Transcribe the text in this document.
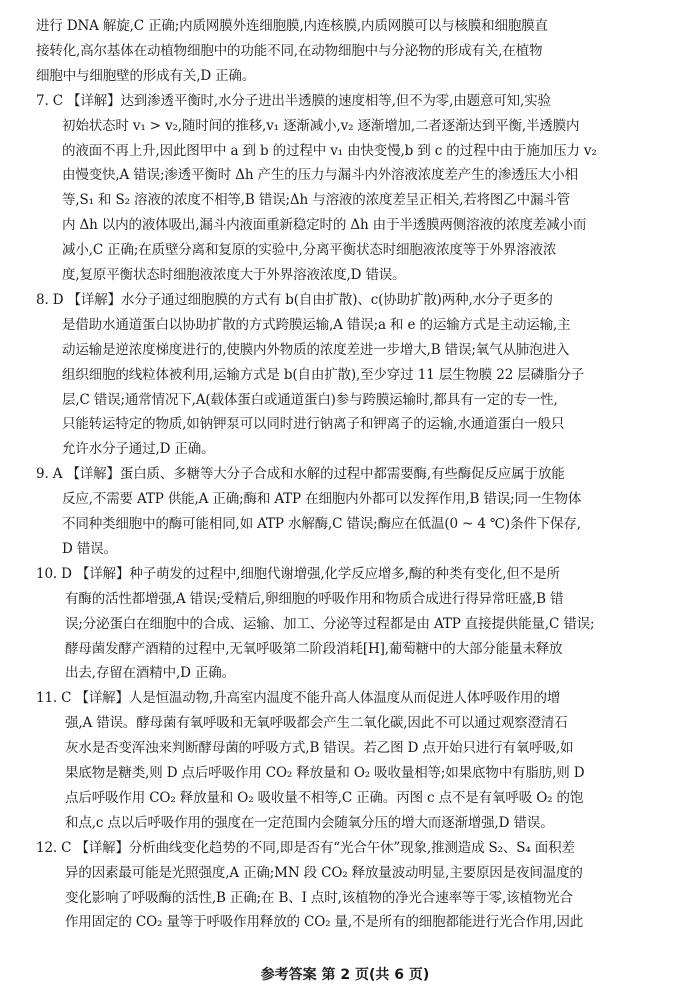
进行 DNA 解旋,C 正确;内质网膜外连细胞膜,内连核膜,内质网膜可以与核膜和细胞膜直
接转化,高尔基体在动植物细胞中的功能不同,在动物细胞中与分泌物的形成有关,在植物
细胞中与细胞壁的形成有关,D 正确。
7. C 【详解】达到渗透平衡时,水分子进出半透膜的速度相等,但不为零,由题意可知,实验
初始状态时 v₁ > v₂,随时间的推移,v₁ 逐渐减小,v₂ 逐渐增加,二者逐渐达到平衡,半透膜内
的液面不再上升,因此图甲中 a 到 b 的过程中 v₁ 由快变慢,b 到 c 的过程中由于施加压力 v₂
由慢变快,A 错误;渗透平衡时 Δh 产生的压力与漏斗内外溶液浓度差产生的渗透压大小相
等,S₁ 和 S₂ 溶液的浓度不相等,B 错误;Δh 与溶液的浓度差呈正相关,若将图乙中漏斗管
内 Δh 以内的液体吸出,漏斗内液面重新稳定时的 Δh 由于半透膜两侧溶液的浓度差减小而
减小,C 正确;在质壁分离和复原的实验中,分离平衡状态时细胞液浓度等于外界溶液浓
度,复原平衡状态时细胞液浓度大于外界溶液浓度,D 错误。
8. D 【详解】水分子通过细胞膜的方式有 b(自由扩散)、c(协助扩散)两种,水分子更多的
是借助水通道蛋白以协助扩散的方式跨膜运输,A 错误;a 和 e 的运输方式是主动运输,主
动运输是逆浓度梯度进行的,使膜内外物质的浓度差进一步增大,B 错误;氧气从肺泡进入
组织细胞的线粒体被利用,运输方式是 b(自由扩散),至少穿过 11 层生物膜 22 层磷脂分子
层,C 错误;通常情况下,A(载体蛋白或通道蛋白)参与跨膜运输时,都具有一定的专一性,
只能转运特定的物质,如钠钾泵可以同时进行钠离子和钾离子的运输,水通道蛋白一般只
允许水分子通过,D 正确。
9. A 【详解】蛋白质、多糖等大分子合成和水解的过程中都需要酶,有些酶促反应属于放能
反应,不需要 ATP 供能,A 正确;酶和 ATP 在细胞内外都可以发挥作用,B 错误;同一生物体
不同种类细胞中的酶可能相同,如 ATP 水解酶,C 错误;酶应在低温(0 ~ 4 ℃)条件下保存,
D 错误。
10. D 【详解】种子萌发的过程中,细胞代谢增强,化学反应增多,酶的种类有变化,但不是所
有酶的活性都增强,A 错误;受精后,卵细胞的呼吸作用和物质合成进行得异常旺盛,B 错
误;分泌蛋白在细胞中的合成、运输、加工、分泌等过程都是由 ATP 直接提供能量,C 错误;
酵母菌发酵产酒精的过程中,无氧呼吸第二阶段消耗[H],葡萄糖中的大部分能量未释放
出去,存留在酒精中,D 正确。
11. C 【详解】人是恒温动物,升高室内温度不能升高人体温度从而促进人体呼吸作用的增
强,A 错误。酵母菌有氧呼吸和无氧呼吸都会产生二氧化碳,因此不可以通过观察澄清石
灰水是否变浑浊来判断酵母菌的呼吸方式,B 错误。若乙图 D 点开始只进行有氧呼吸,如
果底物是糖类,则 D 点后呼吸作用 CO₂ 释放量和 O₂ 吸收量相等;如果底物中有脂肪,则 D
点后呼吸作用 CO₂ 释放量和 O₂ 吸收量不相等,C 正确。丙图 c 点不是有氧呼吸 O₂ 的饱
和点,c 点以后呼吸作用的强度在一定范围内会随氧分压的增大而逐渐增强,D 错误。
12. C 【详解】分析曲线变化趋势的不同,即是否有“光合午休”现象,推测造成 S₂、S₄ 面积差
异的因素最可能是光照强度,A 正确;MN 段 CO₂ 释放量波动明显,主要原因是夜间温度的
变化影响了呼吸酶的活性,B 正确;在 B、I 点时,该植物的净光合速率等于零,该植物光合
作用固定的 CO₂ 量等于呼吸作用释放的 CO₂ 量,不是所有的细胞都能进行光合作用,因此
参考答案 第 2 页(共 6 页)
